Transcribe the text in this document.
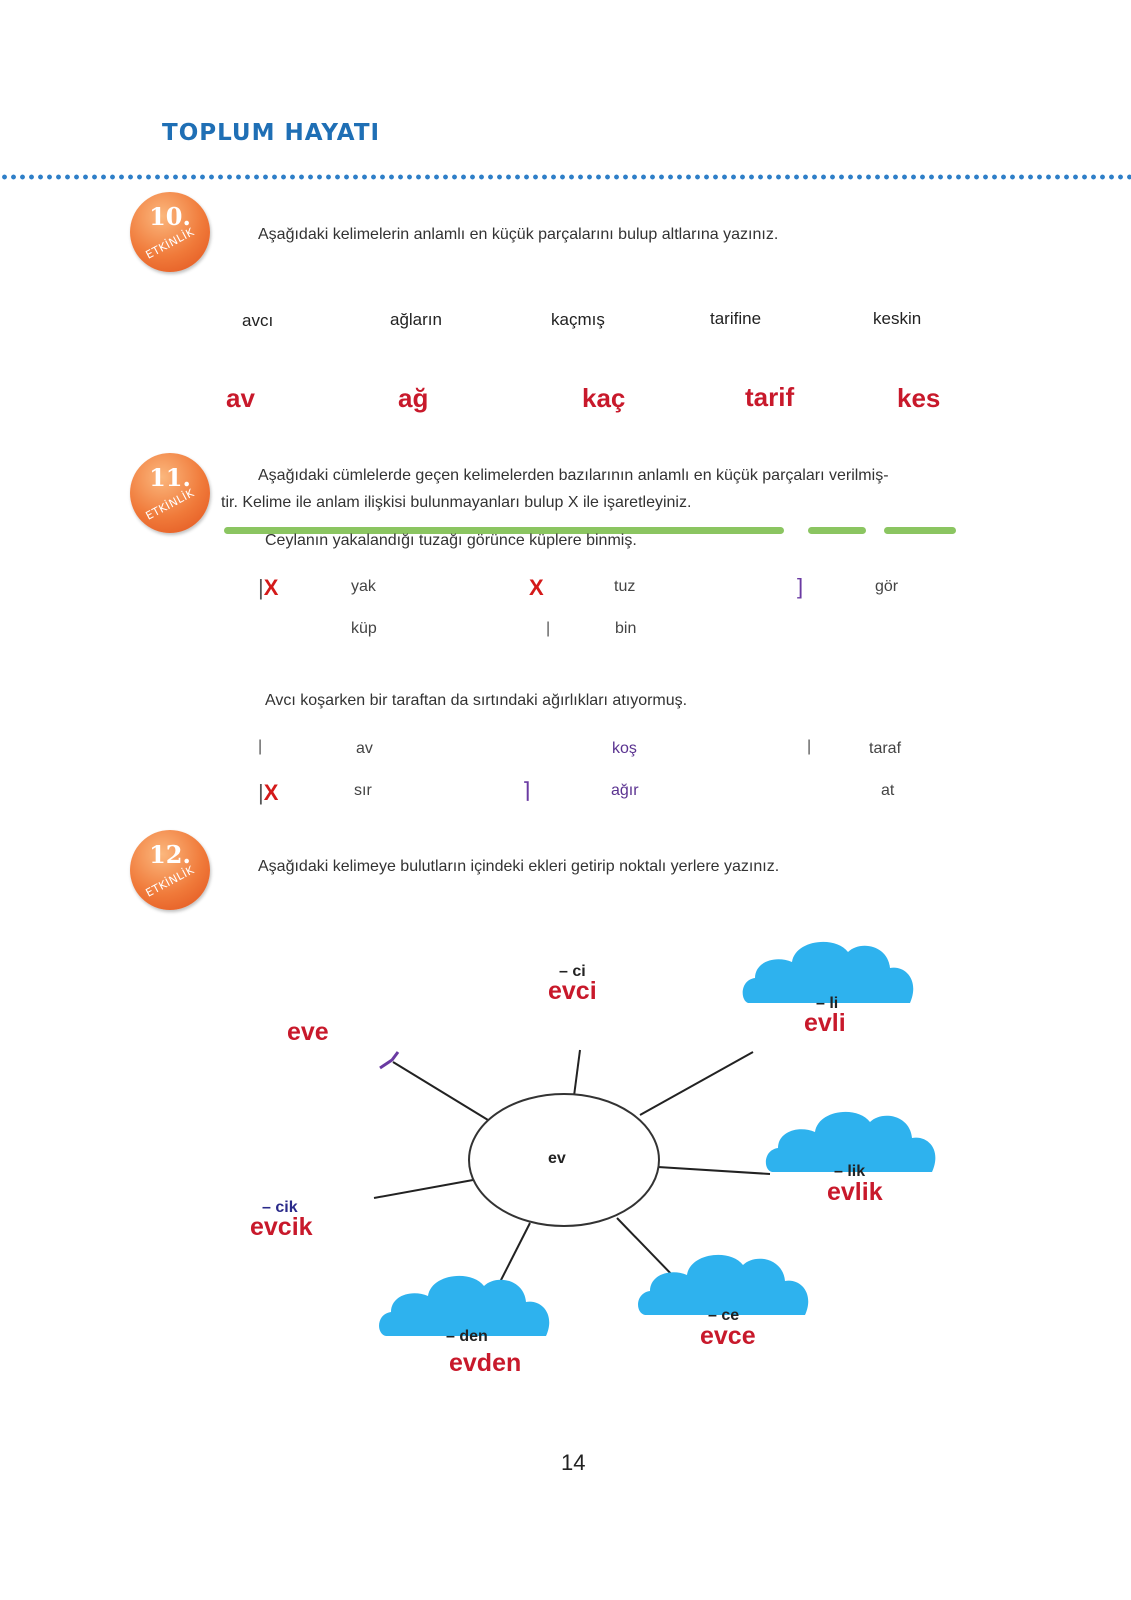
TOPLUM HAYATI
10.
ETKİNLİK	Aşağıdaki kelimelerin anlamlı en küçük parçalarını bulup altlarına yazınız.
avcı	ağların	kaçmış	tarifine	keskin
av	ağ	kaç	tarif	kes
11.
ETKİNLİK
Aşağıdaki cümlelerde geçen kelimelerden bazılarının anlamlı en küçük parçaları verilmiş-
tir. Kelime ile anlam ilişkisi bulunmayanları bulup X ile işaretleyiniz.
Ceylanın yakalandığı tuzağı görünce küplere binmiş.
|X	yak	X	tuz	]	gör
küp	|	bin
Avcı koşarken bir taraftan da sırtındaki ağırlıkları atıyormuş.
|	av	koş	|	taraf
|X	sır	⌉	ağır	at
12.
ETKİNLİK	Aşağıdaki kelimeye bulutların içindeki ekleri getirip noktalı yerlere yazınız.
ev
– ci
evci	– li
evli
– lik
evlik
– ce
evce
– den
evden
– cik
evcik
eve
14
